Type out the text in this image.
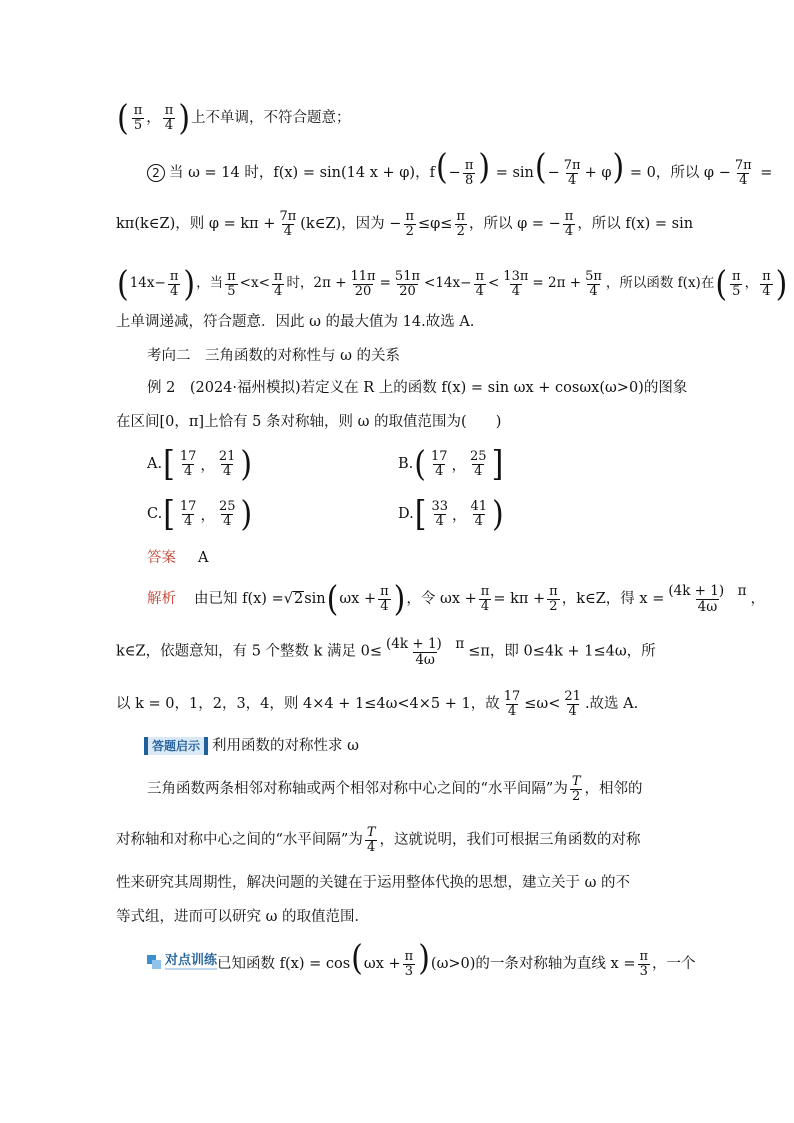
( $\frac{\pi}{5}$ ， $\frac{\pi}{4}$ ) 上不单调，不符合题意；
2 当 ω = 14 时，f(x) = sin(14 x + φ)，$f(- \frac{\pi}{8}$ ) = $\sin(- \frac{7\pi}{4} + \varphi) = 0$，所以 $\varphi - \frac{7\pi}{4}$ =
kπ(k∈Z)，则 $\varphi = k\pi + \frac{7\pi}{4}$ (k∈Z)，因为 − $\frac{\pi}{2} \le\varphi\le \frac{\pi}{2}$ ，所以 φ = − $\frac{\pi}{4}$ ，所以 f(x) = sin
( $14x- \frac{\pi}{4}$ ) ，当 $\frac{\pi}{5} <x< \frac{\pi}{4}$ 时，$2\pi + \frac{11\pi}{20} = \frac{51\pi}{20} <14x- \frac{\pi}{4} < \frac{13\pi}{4} = 2\pi + \frac{5\pi}{4}$ ，所以函数 f(x)在 ( $\frac{\pi}{5}$ ， $\frac{\pi}{4}$ )
上单调递减，符合题意．因此 ω 的最大值为 14.故选 A.
考向二　三角函数的对称性与 ω 的关系
例 2　(2024·福州模拟)若定义在 R 上的函数 f(x) = sin ωx + cosωx(ω>0)的图象
在区间[0，π]上恰有 5 条对称轴，则 ω 的取值范围为(　　)
A. [ $\frac{17}{4}$ ， $\frac{21}{4}$ )	B. ( $\frac{17}{4}$ ， $\frac{25}{4}$ ]
C. [ $\frac{17}{4}$ ， $\frac{25}{4}$ )	D. [ $\frac{33}{4}$ ， $\frac{41}{4}$ )
答案 A
解析 由已知 f(x) = √ 2 sin ( $\omega x + \frac{\pi}{4}$ ) ，令 $\omega x + \frac{\pi}{4} = k\pi + \frac{\pi}{2}$ ，k∈Z，得 $x = \frac{(4k + 1) \pi}{4\omega}$ ，
k∈Z，依题意知，有 5 个整数 k 满足 $0\le \frac{(4k + 1) \pi}{4\omega} \le\pi$，即 0≤4k + 1≤4ω，所
以 k = 0，1，2，3，4，则 4×4 + 1≤4ω<4×5 + 1，故 $\frac{17}{4} \le\omega< \frac{21}{4}$ .故选 A.
答题启示 利用函数的对称性求 ω
三角函数两条相邻对称轴或两个相邻对称中心之间的“水平间隔”为 $\frac{T}{2}$ ，相邻的
对称轴和对称中心之间的“水平间隔”为 $\frac{T}{4}$ ，这就说明，我们可根据三角函数的对称
性来研究其周期性，解决问题的关键在于运用整体代换的思想，建立关于 ω 的不
等式组，进而可以研究 ω 的取值范围．
对点训练 已知函数 $f(x) = \cos(\omega x + \frac{\pi}{3} )(\omega>0)$的一条对称轴为直线 $x = \frac{\pi}{3}$ ，一个
